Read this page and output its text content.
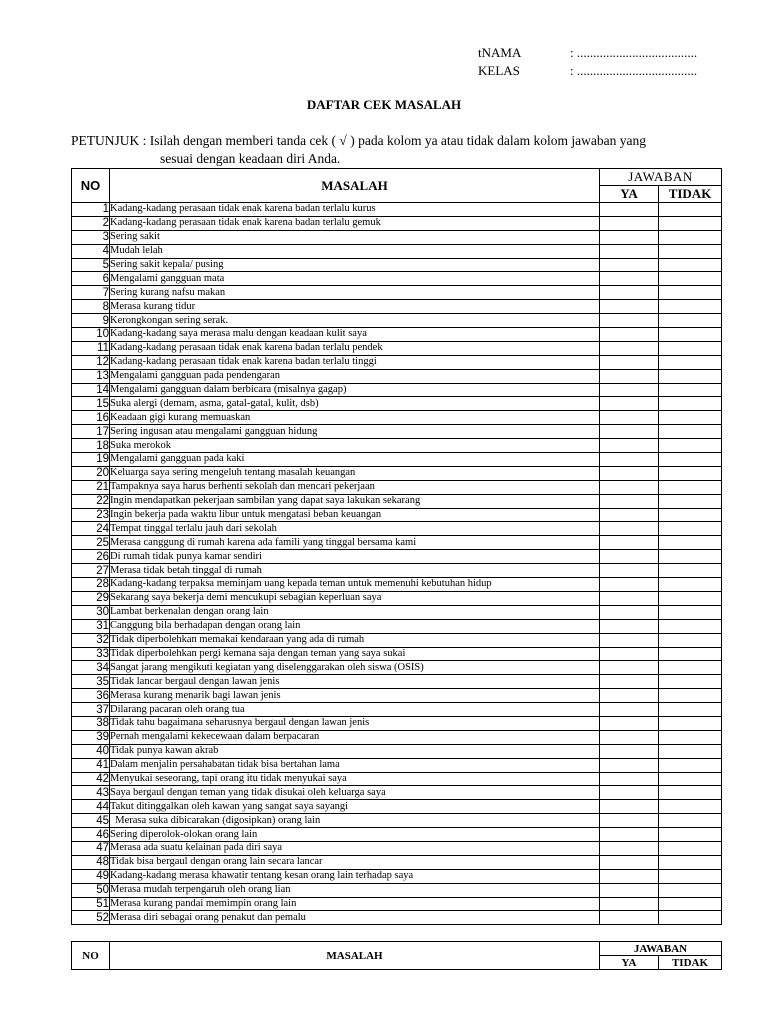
tNAMA	: .....................................
KELAS	: .....................................
DAFTAR CEK MASALAH
PETUNJUK : Isilah dengan memberi tanda cek ( √ ) pada kolom ya atau tidak dalam kolom jawaban yang
sesuai dengan keadaan diri Anda.
NO	MASALAH	JAWABAN	
		YA	TIDAK
1	Kadang-kadang perasaan tidak enak karena badan terlalu kurus		
2	Kadang-kadang perasaan tidak enak karena badan terlalu gemuk		
3	Sering sakit		
4	Mudah lelah		
5	Sering sakit kepala/ pusing		
6	Mengalami gangguan mata		
7	Sering kurang nafsu makan		
8	Merasa kurang tidur		
9	Kerongkongan sering serak.		
10	Kadang-kadang saya merasa malu dengan keadaan kulit saya		
11	Kadang-kadang perasaan tidak enak karena badan terlalu pendek		
12	Kadang-kadang perasaan tidak enak karena badan terlalu tinggi		
13	Mengalami gangguan pada pendengaran		
14	Mengalami gangguan dalam berbicara (misalnya gagap)		
15	Suka alergi (demam, asma, gatal-gatal, kulit, dsb)		
16	Keadaan gigi kurang memuaskan		
17	Sering ingusan atau mengalami gangguan hidung		
18	Suka merokok		
19	Mengalami gangguan pada kaki		
20	Keluarga saya sering mengeluh tentang masalah keuangan		
21	Tampaknya saya harus berhenti sekolah dan mencari pekerjaan		
22	Ingin mendapatkan pekerjaan sambilan yang dapat saya lakukan sekarang		
23	Ingin bekerja pada waktu libur untuk mengatasi beban keuangan		
24	Tempat tinggal terlalu jauh dari sekolah		
25	Merasa canggung di rumah karena ada famili yang tinggal bersama kami		
26	Di rumah tidak punya kamar sendiri		
27	Merasa tidak betah tinggal di rumah		
28	Kadang-kadang terpaksa meminjam uang kepada teman untuk memenuhi kebutuhan hidup		
29	Sekarang saya bekerja demi mencukupi sebagian keperluan saya		
30	Lambat berkenalan dengan orang lain		
31	Canggung bila berhadapan dengan orang lain		
32	Tidak diperbolehkan memakai kendaraan yang ada di rumah		
33	Tidak diperbolehkan pergi kemana saja dengan teman yang saya sukai		
34	Sangat jarang mengikuti kegiatan yang diselenggarakan oleh siswa (OSIS)		
35	Tidak lancar bergaul dengan lawan jenis		
36	Merasa kurang menarik bagi lawan jenis		
37	Dilarang pacaran oleh orang tua		
38	Tidak tahu bagaimana seharusnya bergaul dengan lawan jenis		
39	Pernah mengalami kekecewaan dalam berpacaran		
40	Tidak punya kawan akrab		
41	Dalam menjalin persahabatan tidak bisa bertahan lama		
42	Menyukai seseorang, tapi orang itu tidak menyukai saya		
43	Saya bergaul dengan teman yang tidak disukai oleh keluarga saya		
44	Takut ditinggalkan oleh kawan yang sangat saya sayangi		
45	Merasa suka dibicarakan (digosipkan) orang lain		
46	Sering diperolok-olokan orang lain		
47	Merasa ada suatu kelainan pada diri saya		
48	Tidak bisa bergaul dengan orang lain secara lancar		
49	Kadang-kadang merasa khawatir tentang kesan orang lain terhadap saya		
50	Merasa mudah terpengaruh oleh orang lian		
51	Merasa kurang pandai memimpin orang lain		
52	Merasa diri sebagai orang penakut dan pemalu		
NO	MASALAH	JAWABAN	
		YA	TIDAK
